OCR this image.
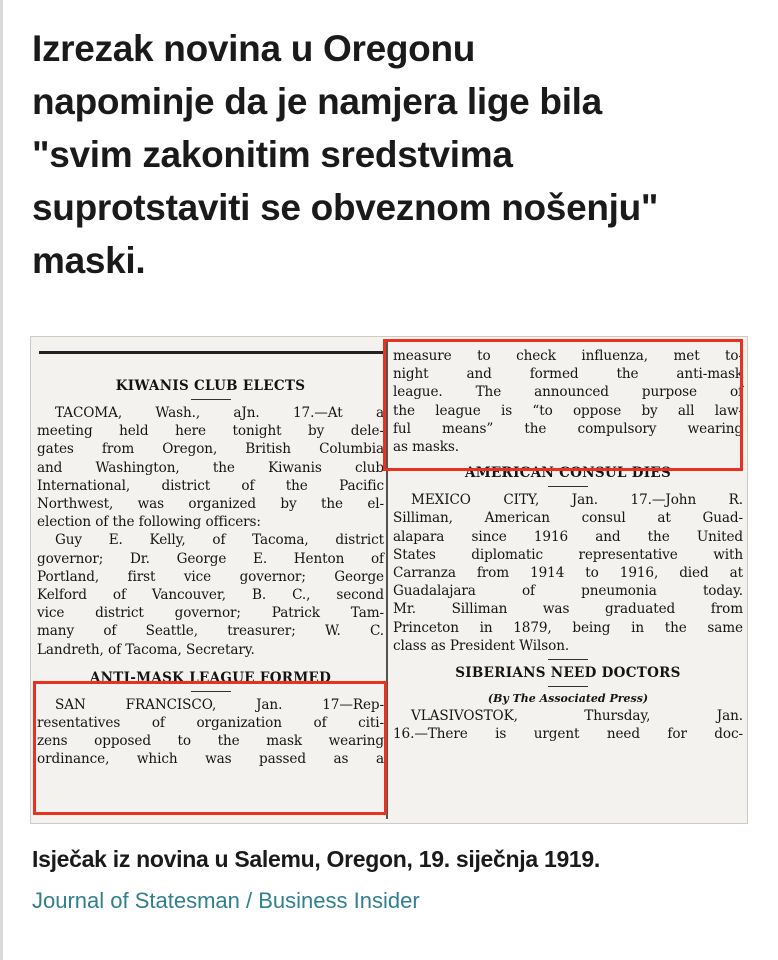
Izrezak novina u Oregonu
napominje da je namjera lige bila
"svim zakonitim sredstvima
suprotstaviti se obveznom nošenju"
maski.
KIWANIS CLUB ELECTS
TACOMA, Wash., aJn. 17.—At a
meeting held here tonight by dele-
gates from Oregon, British Columbia
and Washington, the Kiwanis club
International, district of the Pacific
Northwest, was organized by the el-
election of the following officers:
Guy E. Kelly, of Tacoma, district
governor; Dr. George E. Henton of
Portland, first vice governor; George
Kelford of Vancouver, B. C., second
vice district governor; Patrick Tam-
many of Seattle, treasurer; W. C.
Landreth, of Tacoma, Secretary.
ANTI-MASK LEAGUE FORMED
SAN FRANCISCO, Jan. 17—Rep-
resentatives of organization of citi-
zens opposed to the mask wearing
ordinance, which was passed as a
measure to check influenza, met to-
night and formed the anti-mask
league. The announced purpose of
the league is “to oppose by all law-
ful means” the compulsory wearing
as masks.
AMERICAN CONSUL DIES
MEXICO CITY, Jan. 17.—John R.
Silliman, American consul at Guad-
alapara since 1916 and the United
States diplomatic representative with
Carranza from 1914 to 1916, died at
Guadalajara of pneumonia today.
Mr. Silliman was graduated from
Princeton in 1879, being in the same
class as President Wilson.
SIBERIANS NEED DOCTORS
(By The Associated Press)
VLASIVOSTOK, Thursday, Jan.
16.—There is urgent need for doc-
Isječak iz novina u Salemu, Oregon, 19. siječnja 1919.
Journal of Statesman / Business Insider
